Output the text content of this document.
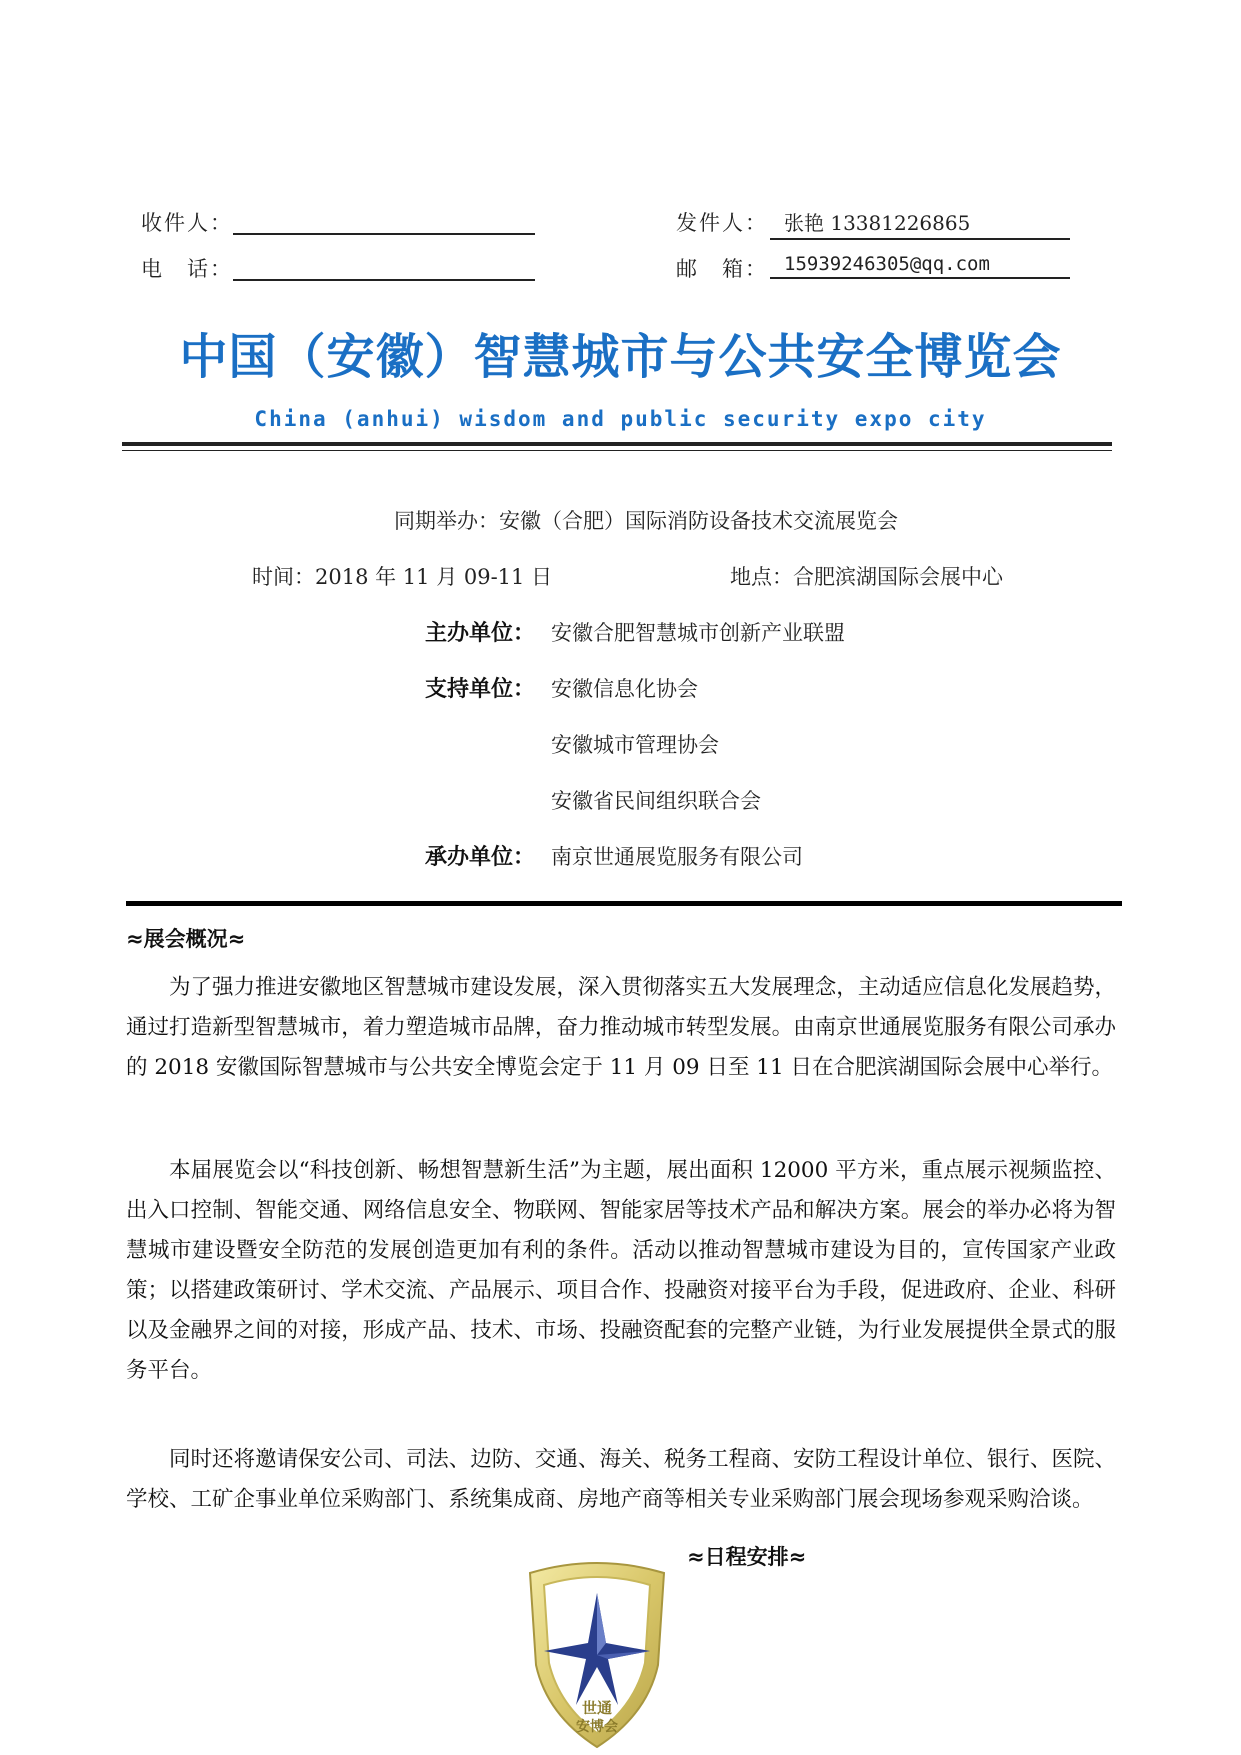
收件人：
电　话：
发件人： 张艳 13381226865
邮　箱： 15939246305@qq.com
中国（安徽）智慧城市与公共安全博览会
China (anhui) wisdom and public security expo city
同期举办：安徽（合肥）国际消防设备技术交流展览会
时间：2018 年 11 月 09-11 日	地点：合肥滨湖国际会展中心
主办单位： 安徽合肥智慧城市创新产业联盟
支持单位： 安徽信息化协会
安徽城市管理协会
安徽省民间组织联合会
承办单位： 南京世通展览服务有限公司
≈展会概况≈
为了强力推进安徽地区智慧城市建设发展，深入贯彻落实五大发展理念，主动适应信息化发展趋势，通过打造新型智慧城市，着力塑造城市品牌，奋力推动城市转型发展。由南京世通展览服务有限公司承办的 2018 安徽国际智慧城市与公共安全博览会定于 11 月 09 日至 11 日在合肥滨湖国际会展中心举行。
本届展览会以“科技创新、畅想智慧新生活”为主题，展出面积 12000 平方米，重点展示视频监控、出入口控制、智能交通、网络信息安全、物联网、智能家居等技术产品和解决方案。展会的举办必将为智慧城市建设暨安全防范的发展创造更加有利的条件。活动以推动智慧城市建设为目的，宣传国家产业政策；以搭建政策研讨、学术交流、产品展示、项目合作、投融资对接平台为手段，促进政府、企业、科研以及金融界之间的对接，形成产品、技术、市场、投融资配套的完整产业链，为行业发展提供全景式的服务平台。
同时还将邀请保安公司、司法、边防、交通、海关、税务工程商、安防工程设计单位、银行、医院、学校、工矿企事业单位采购部门、系统集成商、房地产商等相关专业采购部门展会现场参观采购洽谈。
≈日程安排≈
世通
安博会
